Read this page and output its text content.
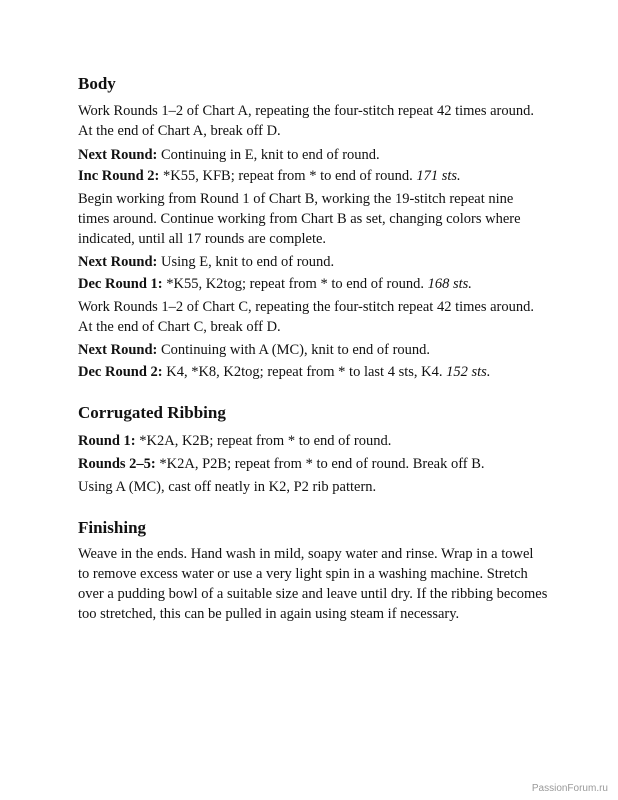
Body

Work Rounds 1–2 of Chart A, repeating the four-stitch repeat 42 times around. At the end of Chart A, break off D.

Next Round: Continuing in E, knit to end of round.

Inc Round 2: *K55, KFB; repeat from * to end of round. 171 sts.

Begin working from Round 1 of Chart B, working the 19-stitch repeat nine times around. Continue working from Chart B as set, changing colors where indicated, until all 17 rounds are complete.

Next Round: Using E, knit to end of round.

Dec Round 1: *K55, K2tog; repeat from * to end of round. 168 sts.

Work Rounds 1–2 of Chart C, repeating the four-stitch repeat 42 times around. At the end of Chart C, break off D.

Next Round: Continuing with A (MC), knit to end of round.

Dec Round 2: K4, *K8, K2tog; repeat from * to last 4 sts, K4. 152 sts.

Corrugated Ribbing

Round 1: *K2A, K2B; repeat from * to end of round.

Rounds 2–5: *K2A, P2B; repeat from * to end of round. Break off B.

Using A (MC), cast off neatly in K2, P2 rib pattern.

Finishing

Weave in the ends. Hand wash in mild, soapy water and rinse. Wrap in a towel to remove excess water or use a very light spin in a washing machine. Stretch over a pudding bowl of a suitable size and leave until dry. If the ribbing becomes too stretched, this can be pulled in again using steam if necessary.

PassionForum.ru
